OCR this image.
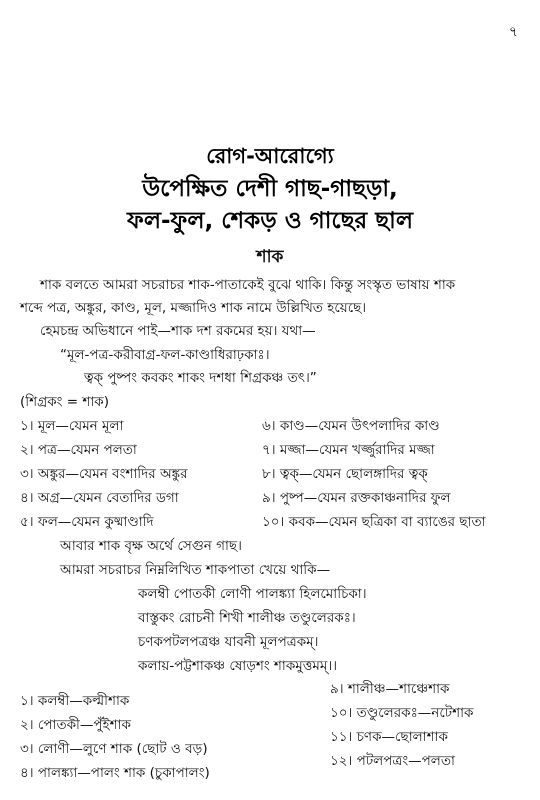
৭
রোগ-আরোগ্যে
উপেক্ষিত দেশী গাছ-গাছড়া,
ফল-ফুল, শেকড় ও গাছের ছাল
শাক
শাক বলতে আমরা সচরাচর শাক-পাতাকেই বুঝে থাকি। কিন্তু সংস্কৃত ভাষায় শাক
শব্দে পত্র, অঙ্কুর, কাণ্ড, মূল, মজ্জাদিও শাক নামে উল্লিখিত হয়েছে।
হেমচন্দ্র অভিধানে পাই—শাক দশ রকমের হয়। যথা—
“মূল-পত্র-করীবাগ্র-ফল-কাণ্ডাধিরাঢ়কাঃ।
ত্বক্‌ পুষ্পং কবকং শাকং দশধা শিগ্রকঞ্চ তৎ।”
(শিগ্রকং = শাক)
১। মূল—যেমন মূলা
২। পত্র—যেমন পলতা
৩। অঙ্কুর—যেমন বংশাদির অঙ্কুর
৪। অগ্র—যেমন বেতাদির ডগা
৫। ফল—যেমন কুষ্মাণ্ডাদি
৬। কাণ্ড—যেমন উৎপলাদির কাণ্ড
৭। মজ্জা—যেমন খর্জ্জুরাদির মজ্জা
৮। ত্বক্‌—যেমন ছোলঙ্গাদির ত্বক্‌
৯। পুষ্প—যেমন রক্তকাঞ্চনাদির ফুল
১০। কবক—যেমন ছত্রিকা বা ব্যাঙের ছাতা
আবার শাক বৃক্ষ অর্থে সেগুন গাছ।
আমরা সচরাচর নিম্নলিখিত শাকপাতা খেয়ে থাকি—
কলম্বী পোতকী লোণী পালঙ্ক্যা হিলমোচিকা।
বাস্তুকং রোচনী শিখী শালীঞ্চ তণ্ডুলেরকঃ।
চণকপটলপত্রঞ্চ যাবনী মূলপত্রকম্‌।
কলায়-পট্টশাকঞ্চ ষোড়শং শাকমুত্তমম্‌।।
১। কলম্বী—কল্মীশাক
২। পোতকী—পুঁইশাক
৩। লোণী—লুণে শাক (ছোট ও বড়)
৪। পালঙ্ক্যা—পালং শাক (চুকাপালং)
৯। শালীঞ্চ—শাঞ্চেশাক
১০। তণ্ডুলেরকঃ—নটেশাক
১১। চণক—ছোলাশাক
১২। পটলপত্রং—পলতা
